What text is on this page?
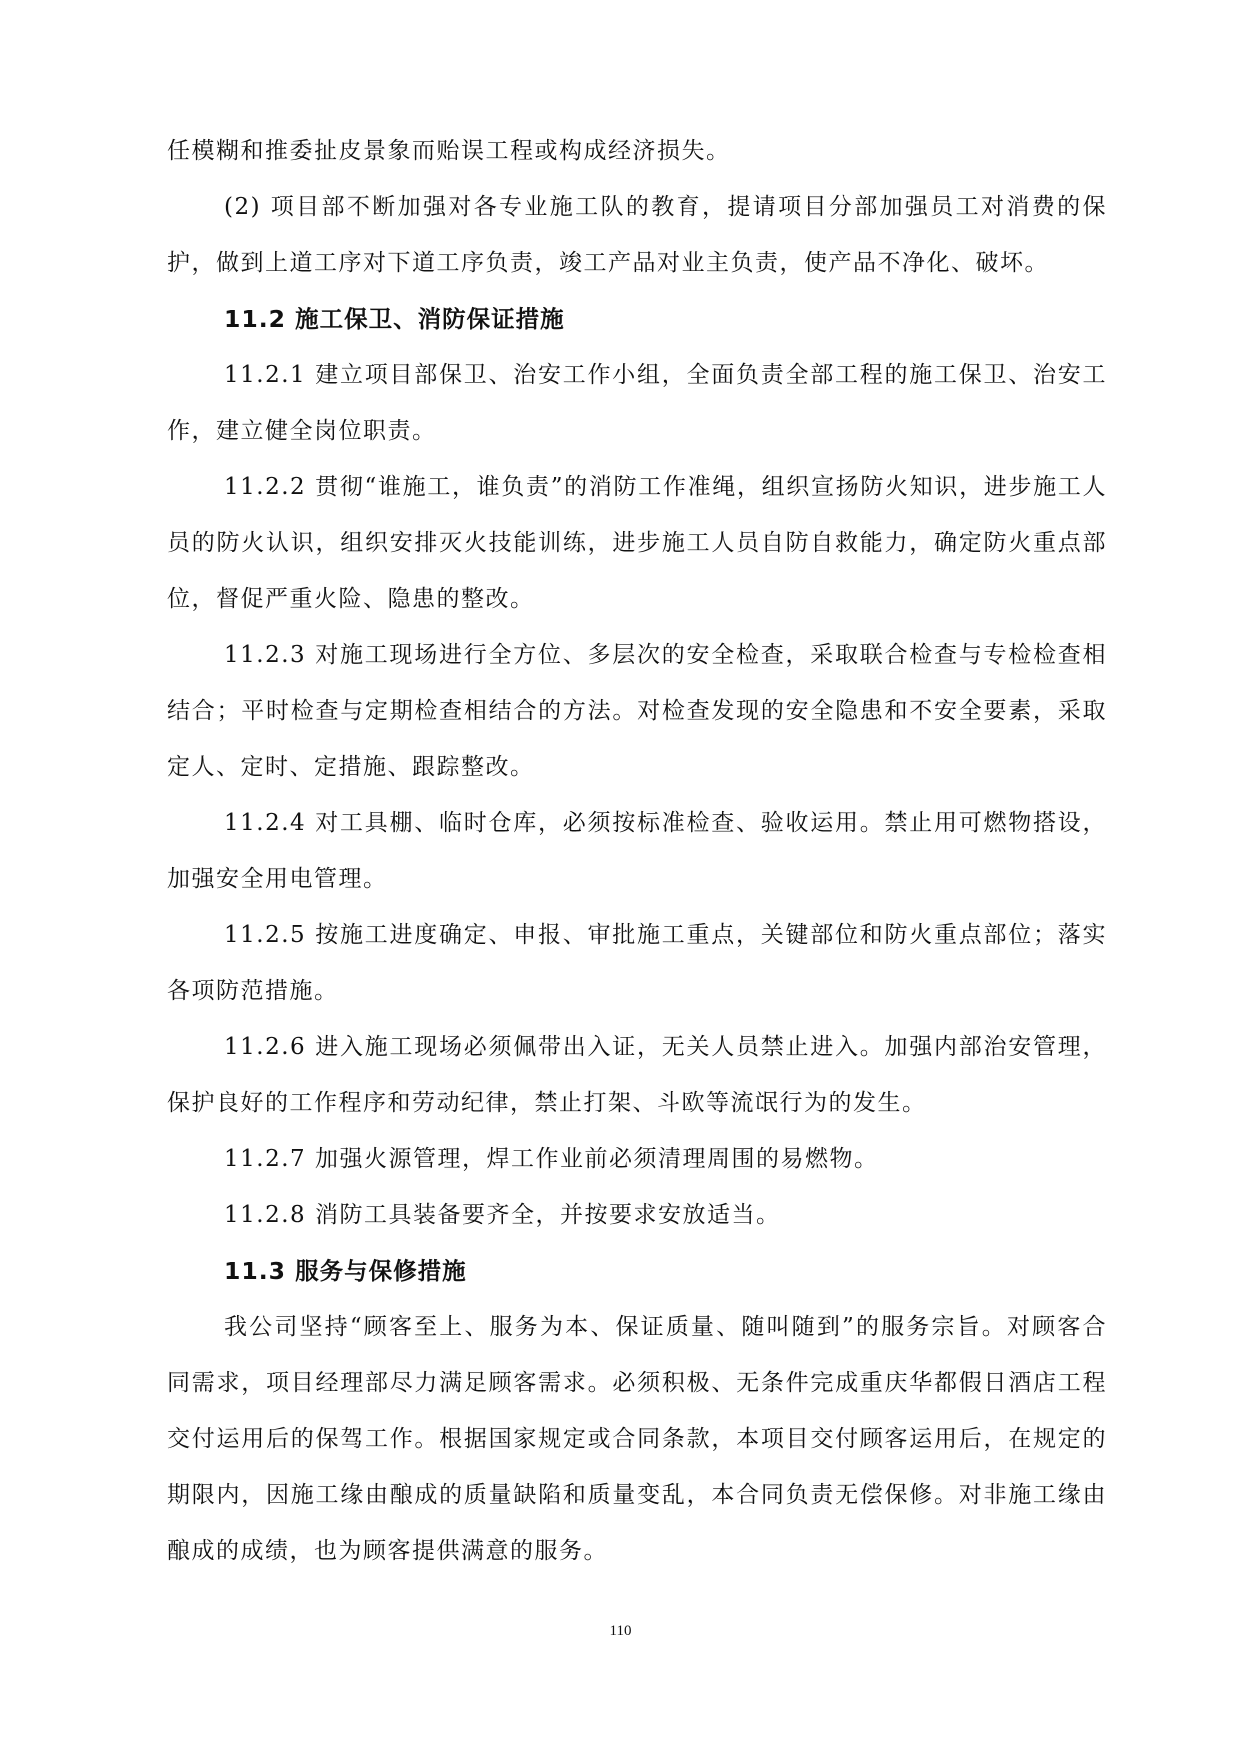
任模糊和推委扯皮景象而贻误工程或构成经济损失。

(2) 项目部不断加强对各专业施工队的教育，提请项目分部加强员工对消费的保护，做到上道工序对下道工序负责，竣工产品对业主负责，使产品不净化、破坏。

11.2 施工保卫、消防保证措施

11.2.1 建立项目部保卫、治安工作小组，全面负责全部工程的施工保卫、治安工作，建立健全岗位职责。

11.2.2 贯彻“谁施工，谁负责”的消防工作准绳，组织宣扬防火知识，进步施工人员的防火认识，组织安排灭火技能训练，进步施工人员自防自救能力，确定防火重点部位，督促严重火险、隐患的整改。

11.2.3 对施工现场进行全方位、多层次的安全检查，采取联合检查与专检检查相结合；平时检查与定期检查相结合的方法。对检查发现的安全隐患和不安全要素，采取定人、定时、定措施、跟踪整改。

11.2.4 对工具棚、临时仓库，必须按标准检查、验收运用。禁止用可燃物搭设，加强安全用电管理。

11.2.5 按施工进度确定、申报、审批施工重点，关键部位和防火重点部位；落实各项防范措施。

11.2.6 进入施工现场必须佩带出入证，无关人员禁止进入。加强内部治安管理，保护良好的工作程序和劳动纪律，禁止打架、斗欧等流氓行为的发生。

11.2.7 加强火源管理，焊工作业前必须清理周围的易燃物。

11.2.8 消防工具装备要齐全，并按要求安放适当。

11.3 服务与保修措施

我公司坚持“顾客至上、服务为本、保证质量、随叫随到”的服务宗旨。对顾客合同需求，项目经理部尽力满足顾客需求。必须积极、无条件完成重庆华都假日酒店工程交付运用后的保驾工作。根据国家规定或合同条款，本项目交付顾客运用后，在规定的期限内，因施工缘由酿成的质量缺陷和质量变乱，本合同负责无偿保修。对非施工缘由酿成的成绩，也为顾客提供满意的服务。

110
